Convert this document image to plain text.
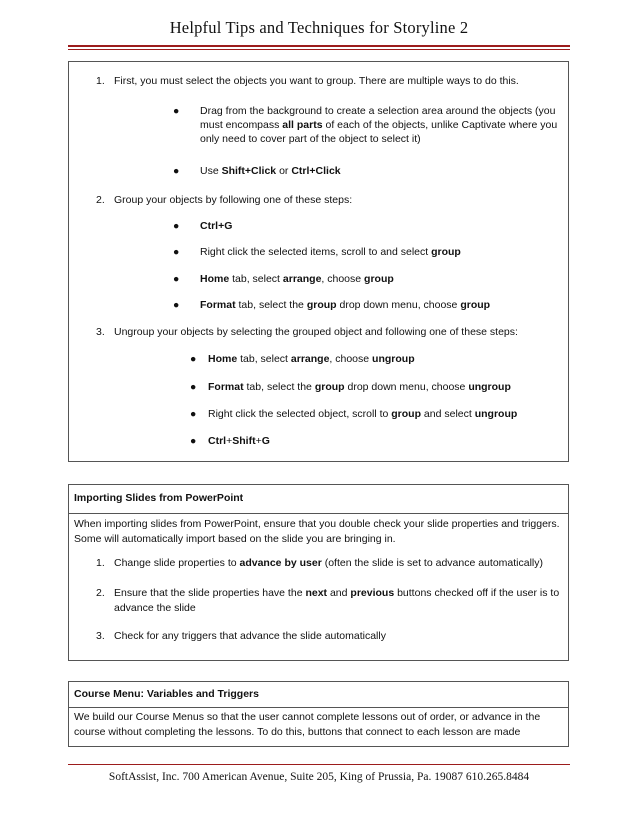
Helpful Tips and Techniques for Storyline 2
1. First, you must select the objects you want to group. There are multiple ways to do this.
● Drag from the background to create a selection area around the objects (you must encompass all parts of each of the objects, unlike Captivate where you only need to cover part of the object to select it)
● Use Shift+Click or Ctrl+Click
2. Group your objects by following one of these steps:
● Ctrl+G
● Right click the selected items, scroll to and select group
● Home tab, select arrange, choose group
● Format tab, select the group drop down menu, choose group
3. Ungroup your objects by selecting the grouped object and following one of these steps:
● Home tab, select arrange, choose ungroup
● Format tab, select the group drop down menu, choose ungroup
● Right click the selected object, scroll to group and select ungroup
● Ctrl+Shift+G
Importing Slides from PowerPoint
When importing slides from PowerPoint, ensure that you double check your slide properties and triggers. Some will automatically import based on the slide you are bringing in.
1. Change slide properties to advance by user (often the slide is set to advance automatically)
2. Ensure that the slide properties have the next and previous buttons checked off if the user is to advance the slide
3. Check for any triggers that advance the slide automatically
Course Menu: Variables and Triggers
We build our Course Menus so that the user cannot complete lessons out of order, or advance in the course without completing the lessons. To do this, buttons that connect to each lesson are made
SoftAssist, Inc. 700 American Avenue, Suite 205, King of Prussia, Pa. 19087 610.265.8484
